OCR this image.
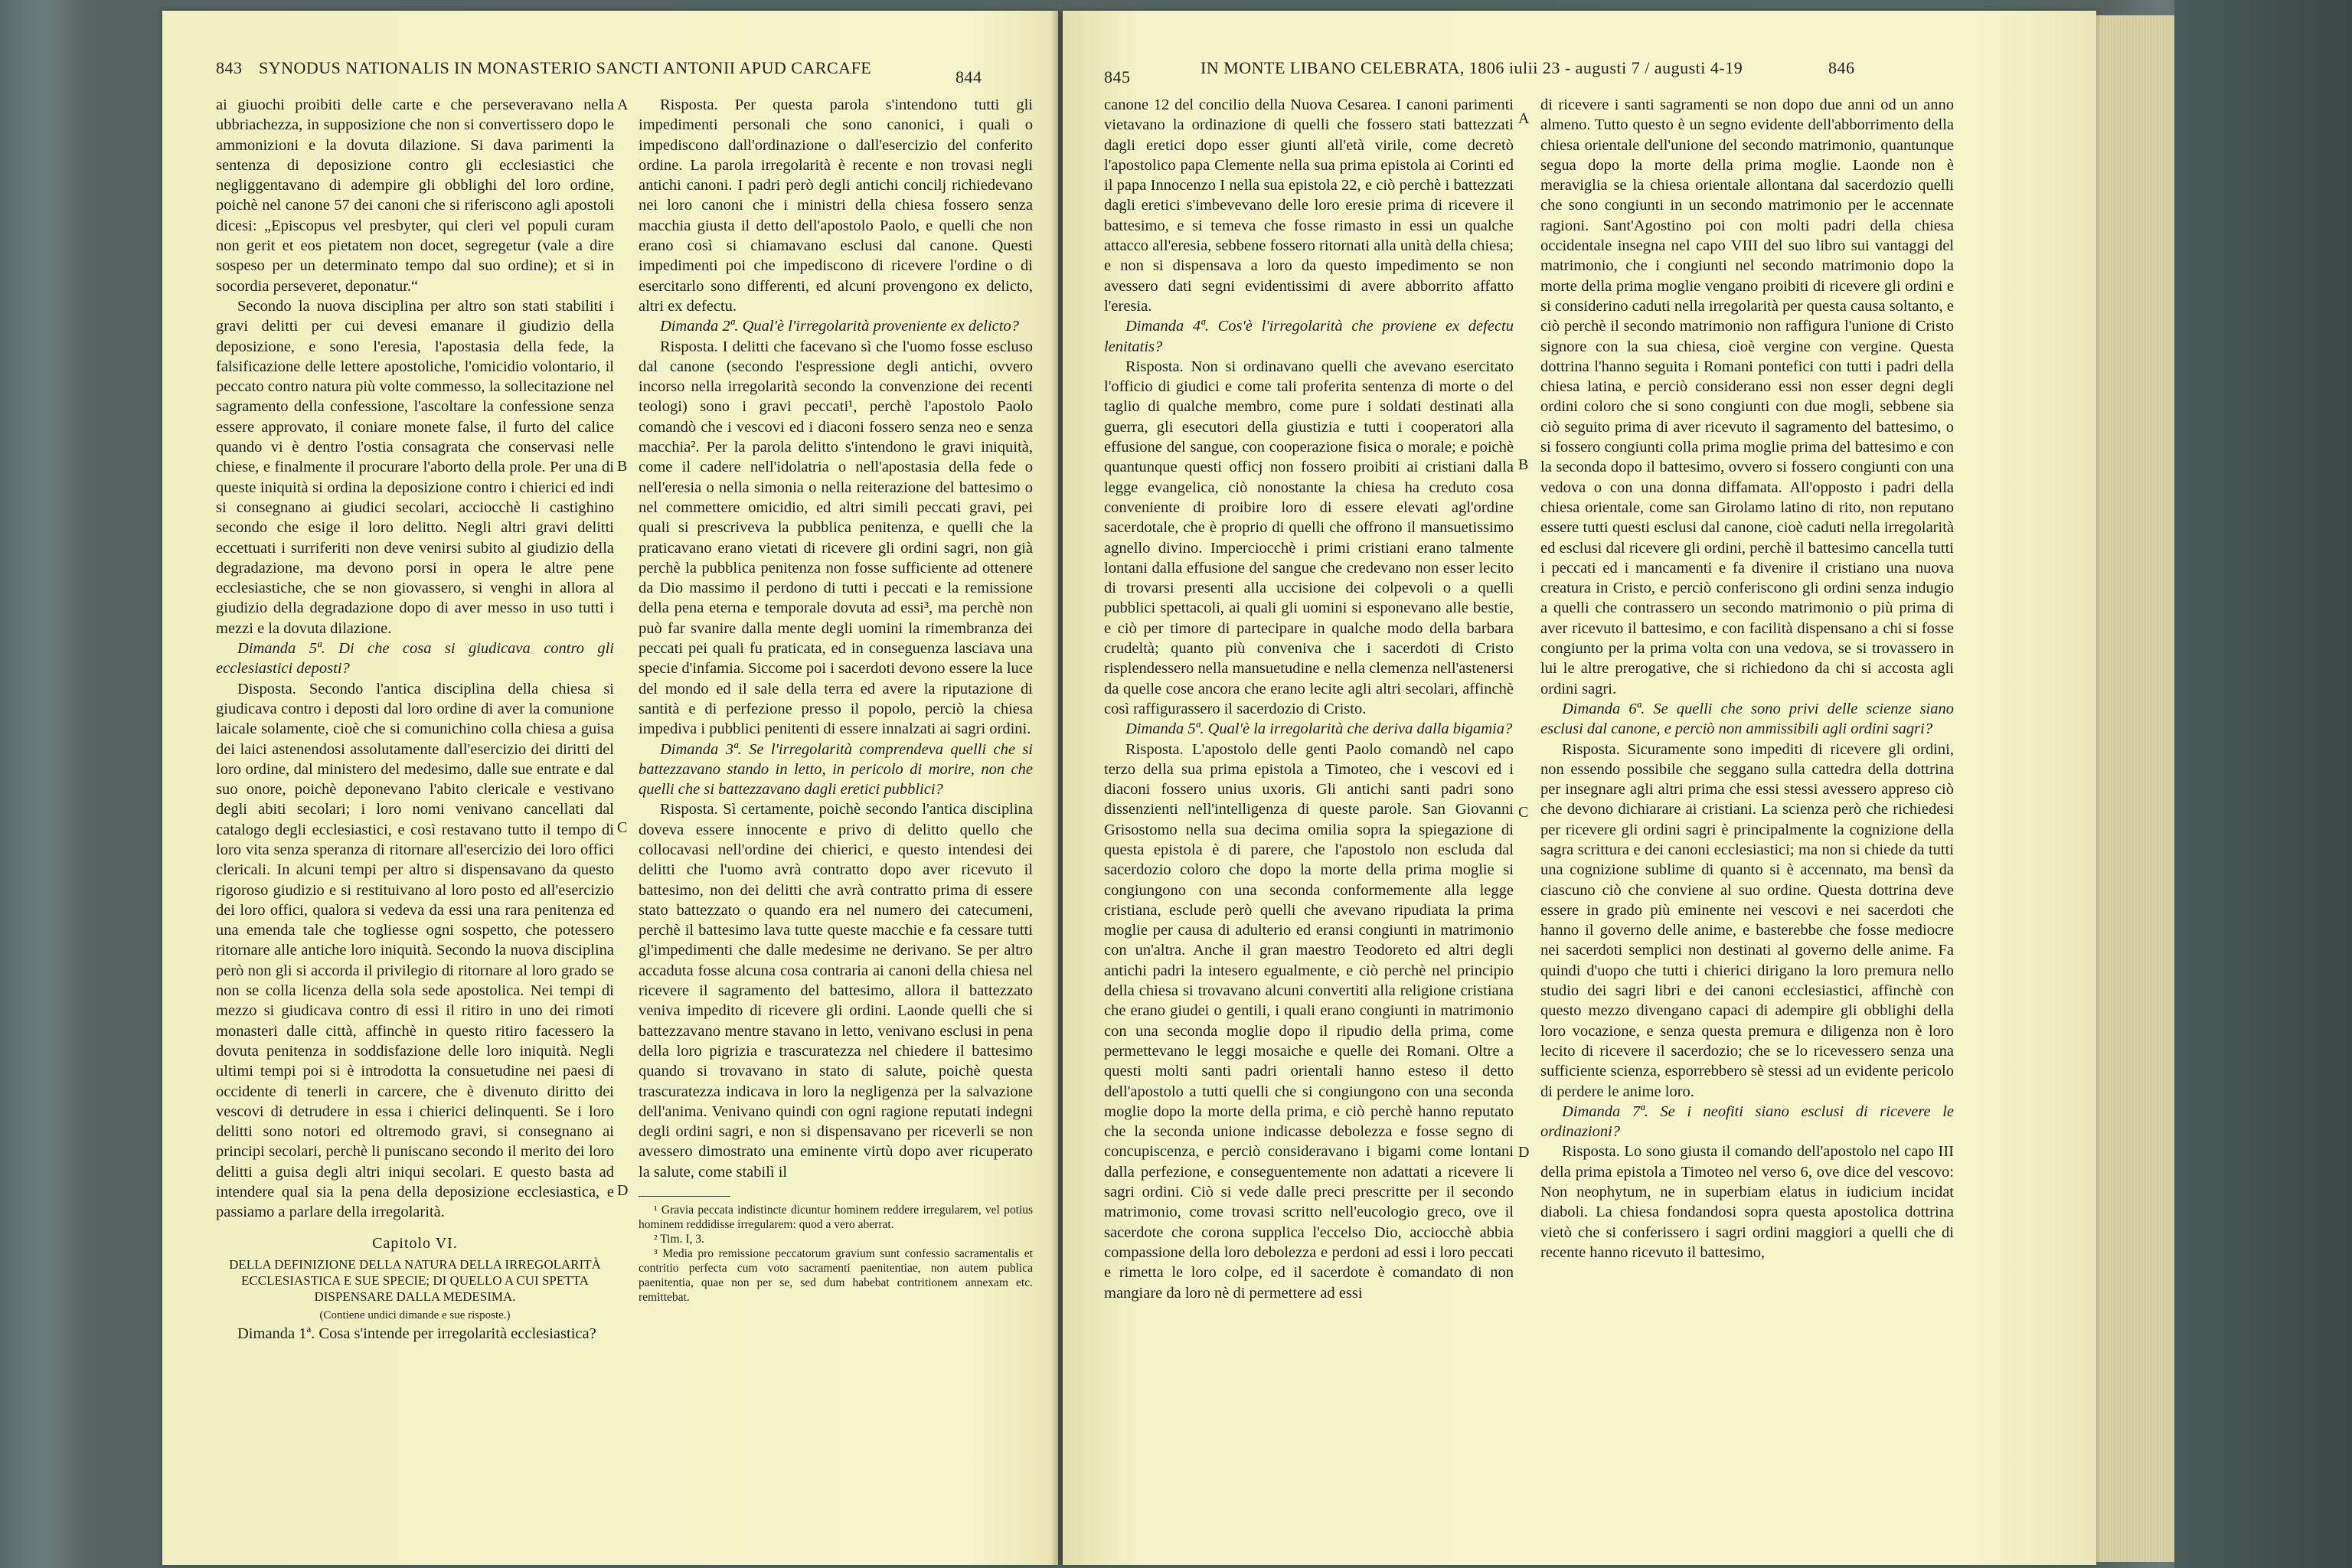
843 SYNODUS NATIONALIS IN MONASTERIO SANCTI ANTONII APUD CARCAFE	844

ai giuochi proibiti delle carte e che perseveravano nella ubbriachezza, in supposizione che non si convertissero dopo le ammonizioni e la dovuta dilazione. Si dava parimenti la sentenza di deposizione contro gli ecclesiastici che negliggentavano di adempire gli obblighi del loro ordine, poichè nel canone 57 dei canoni che si riferiscono agli apostoli dicesi: „Episcopus vel presbyter, qui cleri vel populi curam non gerit et eos pietatem non docet, segregetur (vale a dire sospeso per un determinato tempo dal suo ordine); et si in socordia perseveret, deponatur.“

Secondo la nuova disciplina per altro son stati stabiliti i gravi delitti per cui devesi emanare il giudizio della deposizione, e sono l'eresia, l'apostasia della fede, la falsificazione delle lettere apostoliche, l'omicidio volontario, il peccato contro natura più volte commesso, la sollecitazione nel sagramento della confessione, l'ascoltare la confessione senza essere approvato, il coniare monete false, il furto del calice quando vi è dentro l'ostia consagrata che conservasi nelle chiese, e finalmente il procurare l'aborto della prole. Per una di queste iniquità si ordina la deposizione contro i chierici ed indi si consegnano ai giudici secolari, acciocchè li castighino secondo che esige il loro delitto. Negli altri gravi delitti eccettuati i surriferiti non deve venirsi subito al giudizio della degradazione, ma devono porsi in opera le altre pene ecclesiastiche, che se non giovassero, si venghi in allora al giudizio della degradazione dopo di aver messo in uso tutti i mezzi e la dovuta dilazione.

Dimanda 5ª. Di che cosa si giudicava contro gli ecclesiastici deposti?

Disposta. Secondo l'antica disciplina della chiesa si giudicava contro i deposti dal loro ordine di aver la comunione laicale solamente, cioè che si comunichino colla chiesa a guisa dei laici astenendosi assolutamente dall'esercizio dei diritti del loro ordine, dal ministero del medesimo, dalle sue entrate e dal suo onore, poichè deponevano l'abito clericale e vestivano degli abiti secolari; i loro nomi venivano cancellati dal catalogo degli ecclesiastici, e così restavano tutto il tempo di loro vita senza speranza di ritornare all'esercizio dei loro offici clericali. In alcuni tempi per altro si dispensavano da questo rigoroso giudizio e si restituivano al loro posto ed all'esercizio dei loro offici, qualora si vedeva da essi una rara penitenza ed una emenda tale che togliesse ogni sospetto, che potessero ritornare alle antiche loro iniquità. Secondo la nuova disciplina però non gli si accorda il privilegio di ritornare al loro grado se non se colla licenza della sola sede apostolica. Nei tempi di mezzo si giudicava contro di essi il ritiro in uno dei rimoti monasteri dalle città, affinchè in questo ritiro facessero la dovuta penitenza in soddisfazione delle loro iniquità. Negli ultimi tempi poi si è introdotta la consuetudine nei paesi di occidente di tenerli in carcere, che è divenuto diritto dei vescovi di detrudere in essa i chierici delinquenti. Se i loro delitti sono notori ed oltremodo gravi, si consegnano ai principi secolari, perchè li puniscano secondo il merito dei loro delitti a guisa degli altri iniqui secolari. E questo basta ad intendere qual sia la pena della deposizione ecclesiastica, e passiamo a parlare della irregolarità.

Capitolo VI.
DELLA DEFINIZIONE DELLA NATURA DELLA IRREGOLARITÀ ECCLESIASTICA E SUE SPECIE; DI QUELLO A CUI SPETTA DISPENSARE DALLA MEDESIMA.
(Contiene undici dimande e sue risposte.)

Dimanda 1ª. Cosa s'intende per irregolarità ecclesiastica?

A
B
C
D

Risposta. Per questa parola s'intendono tutti gli impedimenti personali che sono canonici, i quali o impediscono dall'ordinazione o dall'esercizio del conferito ordine. La parola irregolarità è recente e non trovasi negli antichi canoni. I padri però degli antichi concilj richiedevano nei loro canoni che i ministri della chiesa fossero senza macchia giusta il detto dell'apostolo Paolo, e quelli che non erano così si chiamavano esclusi dal canone. Questi impedimenti poi che impediscono di ricevere l'ordine o di esercitarlo sono differenti, ed alcuni provengono ex delicto, altri ex defectu.

Dimanda 2ª. Qual'è l'irregolarità proveniente ex delicto?

Risposta. I delitti che facevano sì che l'uomo fosse escluso dal canone (secondo l'espressione degli antichi, ovvero incorso nella irregolarità secondo la convenzione dei recenti teologi) sono i gravi peccati¹, perchè l'apostolo Paolo comandò che i vescovi ed i diaconi fossero senza neo e senza macchia². Per la parola delitto s'intendono le gravi iniquità, come il cadere nell'idolatria o nell'apostasia della fede o nell'eresia o nella simonia o nella reiterazione del battesimo o nel commettere omicidio, ed altri simili peccati gravi, pei quali si prescriveva la pubblica penitenza, e quelli che la praticavano erano vietati di ricevere gli ordini sagri, non già perchè la pubblica penitenza non fosse sufficiente ad ottenere da Dio massimo il perdono di tutti i peccati e la remissione della pena eterna e temporale dovuta ad essi³, ma perchè non può far svanire dalla mente degli uomini la rimembranza dei peccati pei quali fu praticata, ed in conseguenza lasciava una specie d'infamia. Siccome poi i sacerdoti devono essere la luce del mondo ed il sale della terra ed avere la riputazione di santità e di perfezione presso il popolo, perciò la chiesa impediva i pubblici penitenti di essere innalzati ai sagri ordini.

Dimanda 3ª. Se l'irregolarità comprendeva quelli che si battezzavano stando in letto, in pericolo di morire, non che quelli che si battezzavano dagli eretici pubblici?

Risposta. Sì certamente, poichè secondo l'antica disciplina doveva essere innocente e privo di delitto quello che collocavasi nell'ordine dei chierici, e questo intendesi dei delitti che l'uomo avrà contratto dopo aver ricevuto il battesimo, non dei delitti che avrà contratto prima di essere stato battezzato o quando era nel numero dei catecumeni, perchè il battesimo lava tutte queste macchie e fa cessare tutti gl'impedimenti che dalle medesime ne derivano. Se per altro accaduta fosse alcuna cosa contraria ai canoni della chiesa nel ricevere il sagramento del battesimo, allora il battezzato veniva impedito di ricevere gli ordini. Laonde quelli che si battezzavano mentre stavano in letto, venivano esclusi in pena della loro pigrizia e trascuratezza nel chiedere il battesimo quando si trovavano in stato di salute, poichè questa trascuratezza indicava in loro la negligenza per la salvazione dell'anima. Venivano quindi con ogni ragione reputati indegni degli ordini sagri, e non si dispensavano per riceverli se non avessero dimostrato una eminente virtù dopo aver ricuperato la salute, come stabilì il

¹ Gravia peccata indistincte dicuntur hominem reddere irregularem, vel potius hominem reddidisse irregularem: quod a vero aberrat.

² Tim. I, 3.

³ Media pro remissione peccatorum gravium sunt confessio sacramentalis et contritio perfecta cum voto sacramenti paenitentiae, non autem publica paenitentia, quae non per se, sed dum habebat contritionem annexam etc. remittebat.

845	IN MONTE LIBANO CELEBRATA, 1806 iulii 23 - augusti 7 / augusti 4-19	846

canone 12 del concilio della Nuova Cesarea. I canoni parimenti vietavano la ordinazione di quelli che fossero stati battezzati dagli eretici dopo esser giunti all'età virile, come decretò l'apostolico papa Clemente nella sua prima epistola ai Corinti ed il papa Innocenzo I nella sua epistola 22, e ciò perchè i battezzati dagli eretici s'imbevevano delle loro eresie prima di ricevere il battesimo, e si temeva che fosse rimasto in essi un qualche attacco all'eresia, sebbene fossero ritornati alla unità della chiesa; e non si dispensava a loro da questo impedimento se non avessero dati segni evidentissimi di avere abborrito affatto l'eresia.

Dimanda 4ª. Cos'è l'irregolarità che proviene ex defectu lenitatis?

Risposta. Non si ordinavano quelli che avevano esercitato l'officio di giudici e come tali proferita sentenza di morte o del taglio di qualche membro, come pure i soldati destinati alla guerra, gli esecutori della giustizia e tutti i cooperatori alla effusione del sangue, con cooperazione fisica o morale; e poichè quantunque questi officj non fossero proibiti ai cristiani dalla legge evangelica, ciò nonostante la chiesa ha creduto cosa conveniente di proibire loro di essere elevati agl'ordine sacerdotale, che è proprio di quelli che offrono il mansuetissimo agnello divino. Imperciocchè i primi cristiani erano talmente lontani dalla effusione del sangue che credevano non esser lecito di trovarsi presenti alla uccisione dei colpevoli o a quelli pubblici spettacoli, ai quali gli uomini si esponevano alle bestie, e ciò per timore di partecipare in qualche modo della barbara crudeltà; quanto più conveniva che i sacerdoti di Cristo risplendessero nella mansuetudine e nella clemenza nell'astenersi da quelle cose ancora che erano lecite agli altri secolari, affinchè così raffigurassero il sacerdozio di Cristo.

Dimanda 5ª. Qual'è la irregolarità che deriva dalla bigamia?

Risposta. L'apostolo delle genti Paolo comandò nel capo terzo della sua prima epistola a Timoteo, che i vescovi ed i diaconi fossero unius uxoris. Gli antichi santi padri sono dissenzienti nell'intelligenza di queste parole. San Giovanni Grisostomo nella sua decima omilia sopra la spiegazione di questa epistola è di parere, che l'apostolo non escluda dal sacerdozio coloro che dopo la morte della prima moglie si congiungono con una seconda conformemente alla legge cristiana, esclude però quelli che avevano ripudiata la prima moglie per causa di adulterio ed eransi congiunti in matrimonio con un'altra. Anche il gran maestro Teodoreto ed altri degli antichi padri la intesero egualmente, e ciò perchè nel principio della chiesa si trovavano alcuni convertiti alla religione cristiana che erano giudei o gentili, i quali erano congiunti in matrimonio con una seconda moglie dopo il ripudio della prima, come permettevano le leggi mosaiche e quelle dei Romani. Oltre a questi molti santi padri orientali hanno esteso il detto dell'apostolo a tutti quelli che si congiungono con una seconda moglie dopo la morte della prima, e ciò perchè hanno reputato che la seconda unione indicasse debolezza e fosse segno di concupiscenza, e perciò consideravano i bigami come lontani dalla perfezione, e conseguentemente non adattati a ricevere li sagri ordini. Ciò si vede dalle preci prescritte per il secondo matrimonio, come trovasi scritto nell'eucologio greco, ove il sacerdote che corona supplica l'eccelso Dio, acciocchè abbia compassione della loro debolezza e perdoni ad essi i loro peccati e rimetta le loro colpe, ed il sacerdote è comandato di non mangiare da loro nè di permettere ad essi

A
B
C
D

di ricevere i santi sagramenti se non dopo due anni od un anno almeno. Tutto questo è un segno evidente dell'abborrimento della chiesa orientale dell'unione del secondo matrimonio, quantunque segua dopo la morte della prima moglie. Laonde non è meraviglia se la chiesa orientale allontana dal sacerdozio quelli che sono congiunti in un secondo matrimonio per le accennate ragioni. Sant'Agostino poi con molti padri della chiesa occidentale insegna nel capo VIII del suo libro sui vantaggi del matrimonio, che i congiunti nel secondo matrimonio dopo la morte della prima moglie vengano proibiti di ricevere gli ordini e si considerino caduti nella irregolarità per questa causa soltanto, e ciò perchè il secondo matrimonio non raffigura l'unione di Cristo signore con la sua chiesa, cioè vergine con vergine. Questa dottrina l'hanno seguita i Romani pontefici con tutti i padri della chiesa latina, e perciò considerano essi non esser degni degli ordini coloro che si sono congiunti con due mogli, sebbene sia ciò seguito prima di aver ricevuto il sagramento del battesimo, o si fossero congiunti colla prima moglie prima del battesimo e con la seconda dopo il battesimo, ovvero si fossero congiunti con una vedova o con una donna diffamata. All'opposto i padri della chiesa orientale, come san Girolamo latino di rito, non reputano essere tutti questi esclusi dal canone, cioè caduti nella irregolarità ed esclusi dal ricevere gli ordini, perchè il battesimo cancella tutti i peccati ed i mancamenti e fa divenire il cristiano una nuova creatura in Cristo, e perciò conferiscono gli ordini senza indugio a quelli che contrassero un secondo matrimonio o più prima di aver ricevuto il battesimo, e con facilità dispensano a chi si fosse congiunto per la prima volta con una vedova, se si trovassero in lui le altre prerogative, che si richiedono da chi si accosta agli ordini sagri.

Dimanda 6ª. Se quelli che sono privi delle scienze siano esclusi dal canone, e perciò non ammissibili agli ordini sagri?

Risposta. Sicuramente sono impediti di ricevere gli ordini, non essendo possibile che seggano sulla cattedra della dottrina per insegnare agli altri prima che essi stessi avessero appreso ciò che devono dichiarare ai cristiani. La scienza però che richiedesi per ricevere gli ordini sagri è principalmente la cognizione della sagra scrittura e dei canoni ecclesiastici; ma non si chiede da tutti una cognizione sublime di quanto si è accennato, ma bensì da ciascuno ciò che conviene al suo ordine. Questa dottrina deve essere in grado più eminente nei vescovi e nei sacerdoti che hanno il governo delle anime, e basterebbe che fosse mediocre nei sacerdoti semplici non destinati al governo delle anime. Fa quindi d'uopo che tutti i chierici dirigano la loro premura nello studio dei sagri libri e dei canoni ecclesiastici, affinchè con questo mezzo divengano capaci di adempire gli obblighi della loro vocazione, e senza questa premura e diligenza non è loro lecito di ricevere il sacerdozio; che se lo ricevessero senza una sufficiente scienza, esporrebbero sè stessi ad un evidente pericolo di perdere le anime loro.

Dimanda 7ª. Se i neofiti siano esclusi di ricevere le ordinazioni?

Risposta. Lo sono giusta il comando dell'apostolo nel capo III della prima epistola a Timoteo nel verso 6, ove dice del vescovo: Non neophytum, ne in superbiam elatus in iudicium incidat diaboli. La chiesa fondandosi sopra questa apostolica dottrina vietò che si conferissero i sagri ordini maggiori a quelli che di recente hanno ricevuto il battesimo,
